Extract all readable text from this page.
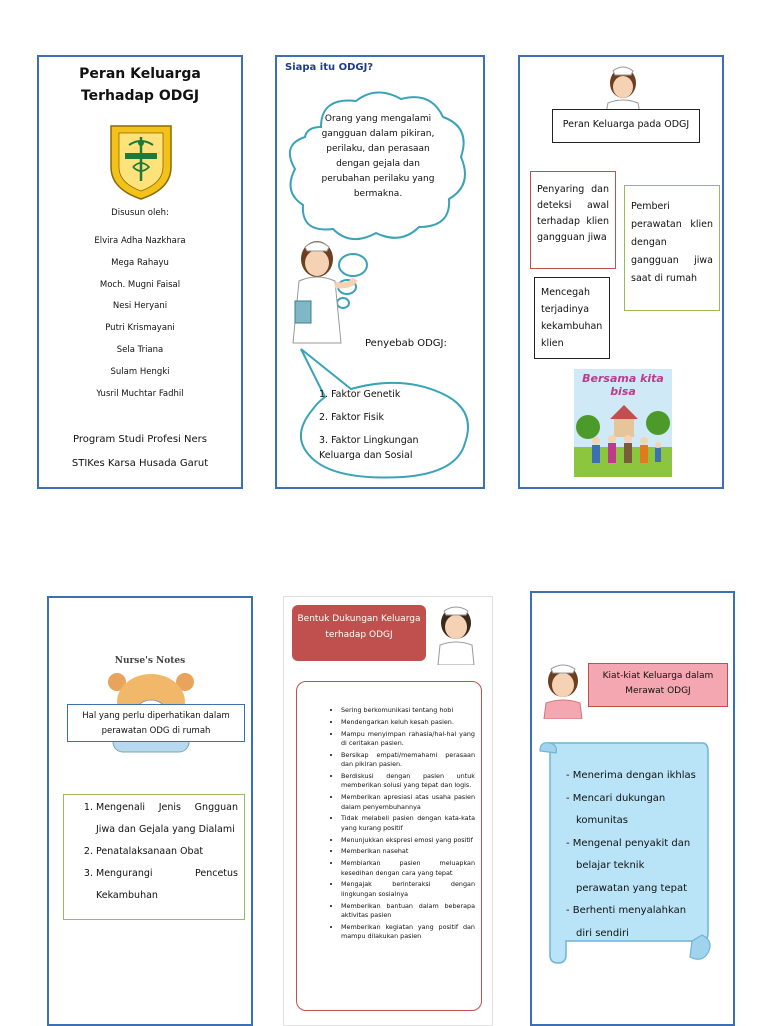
Peran Keluarga
Terhadap ODGJ
Disusun oleh:
Elvira Adha Nazkhara
Mega Rahayu
Moch. Mugni Faisal
Nesi Heryani
Putri Krismayani
Sela Triana
Sulam Hengki
Yusril Muchtar Fadhil
Program Studi Profesi Ners
STIKes Karsa Husada Garut
Siapa itu ODGJ?
Orang yang mengalami gangguan dalam pikiran, perilaku, dan perasaan dengan gejala dan perubahan perilaku yang bermakna.
Penyebab ODGJ:
1. Faktor Genetik
2. Faktor Fisik
3. Faktor Lingkungan Keluarga dan Sosial
Peran Keluarga pada ODGJ
Penyaring dan deteksi awal terhadap klien gangguan jiwa
Pemberi perawatan klien dengan gangguan jiwa saat di rumah
Mencegah terjadinya kekambuhan klien
Bersama kita bisa
Nurse's Notes
Hal yang perlu diperhatikan dalam perawatan ODG di rumah
1. Mengenali Jenis Gngguan Jiwa dan Gejala yang Dialami
2. Penatalaksanaan Obat
3. Mengurangi Pencetus Kekambuhan
Bentuk Dukungan Keluarga terhadap ODGJ
• Sering berkomunikasi tentang hobi
• Mendengarkan keluh kesah pasien.
• Mampu menyimpan rahasia/hal-hal yang di ceritakan pasien.
• Bersikap empati/memahami perasaan dan pikiran pasien.
• Berdiskusi dengan pasien untuk memberikan solusi yang tepat dan logis.
• Memberikan apresiasi atas usaha pasien dalam penyembuhannya
• Tidak melabeli pasien dengan kata-kata yang kurang positif
• Menunjukkan ekspresi emosi yang positif
• Memberikan nasehat
• Membiarkan pasien meluapkan kesedihan dengan cara yang tepat
• Mengajak berinteraksi dengan lingkungan sosialnya
• Memberikan bantuan dalam beberapa aktivitas pasien
• Memberikan kegiatan yang positif dan mampu dilakukan pasien
Kiat-kiat Keluarga dalam Merawat ODGJ
- Menerima dengan ikhlas
- Mencari dukungan
komunitas
- Mengenal penyakit dan
belajar teknik
perawatan yang tepat
- Berhenti menyalahkan
diri sendiri
